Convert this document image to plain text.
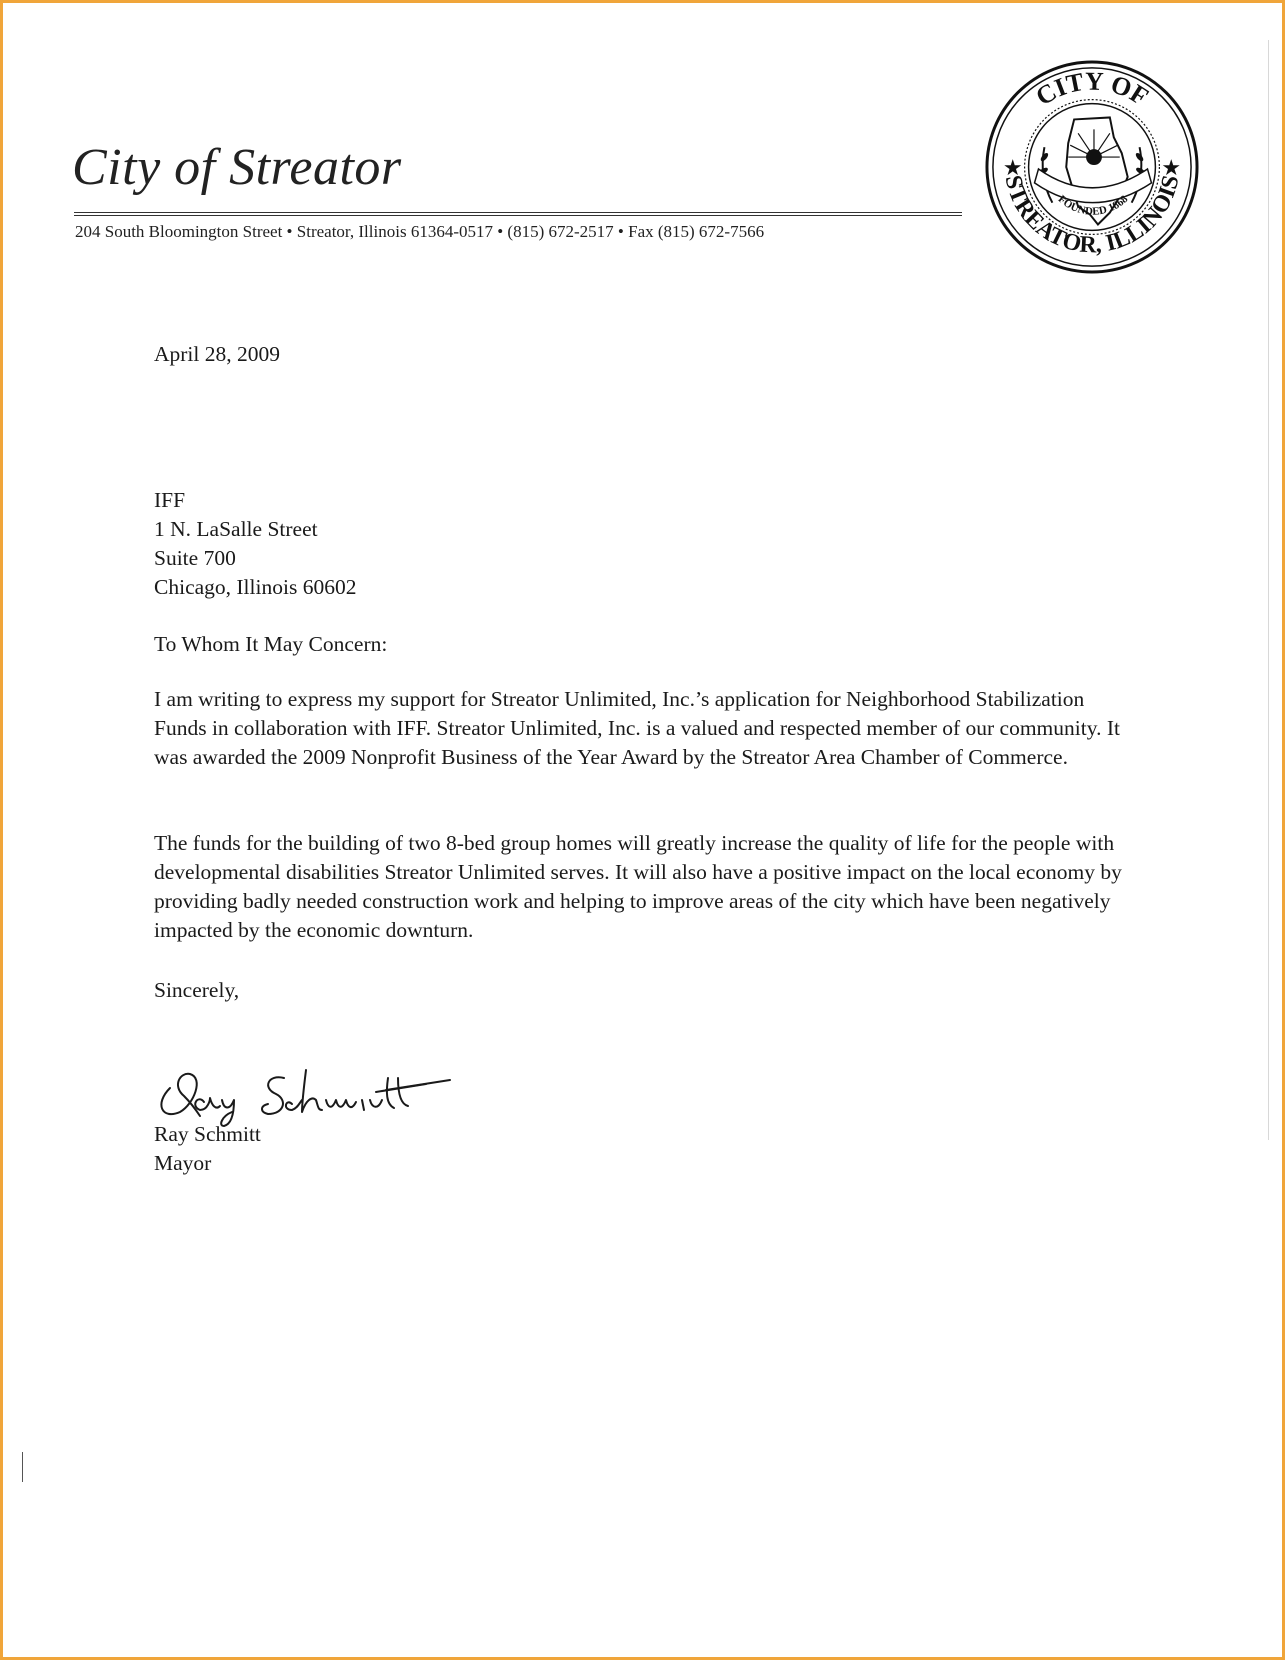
City of Streator
204 South Bloomington Street • Streator, Illinois 61364-0517 • (815) 672-2517 • Fax (815) 672-7566
CITY OF
STREATOR, ILLINOIS
★	★
FOUNDED 1868
April 28, 2009
IFF
1 N. LaSalle Street
Suite 700
Chicago, Illinois 60602
To Whom It May Concern:

I am writing to express my support for Streator Unlimited, Inc.’s application for Neighborhood Stabilization Funds in collaboration with IFF. Streator Unlimited, Inc. is a valued and respected member of our community. It was awarded the 2009 Nonprofit Business of the Year Award by the Streator Area Chamber of Commerce.

The funds for the building of two 8-bed group homes will greatly increase the quality of life for the people with developmental disabilities Streator Unlimited serves. It will also have a positive impact on the local economy by providing badly needed construction work and helping to improve areas of the city which have been negatively impacted by the economic downturn.

Sincerely,
Ray Schmitt
Mayor
